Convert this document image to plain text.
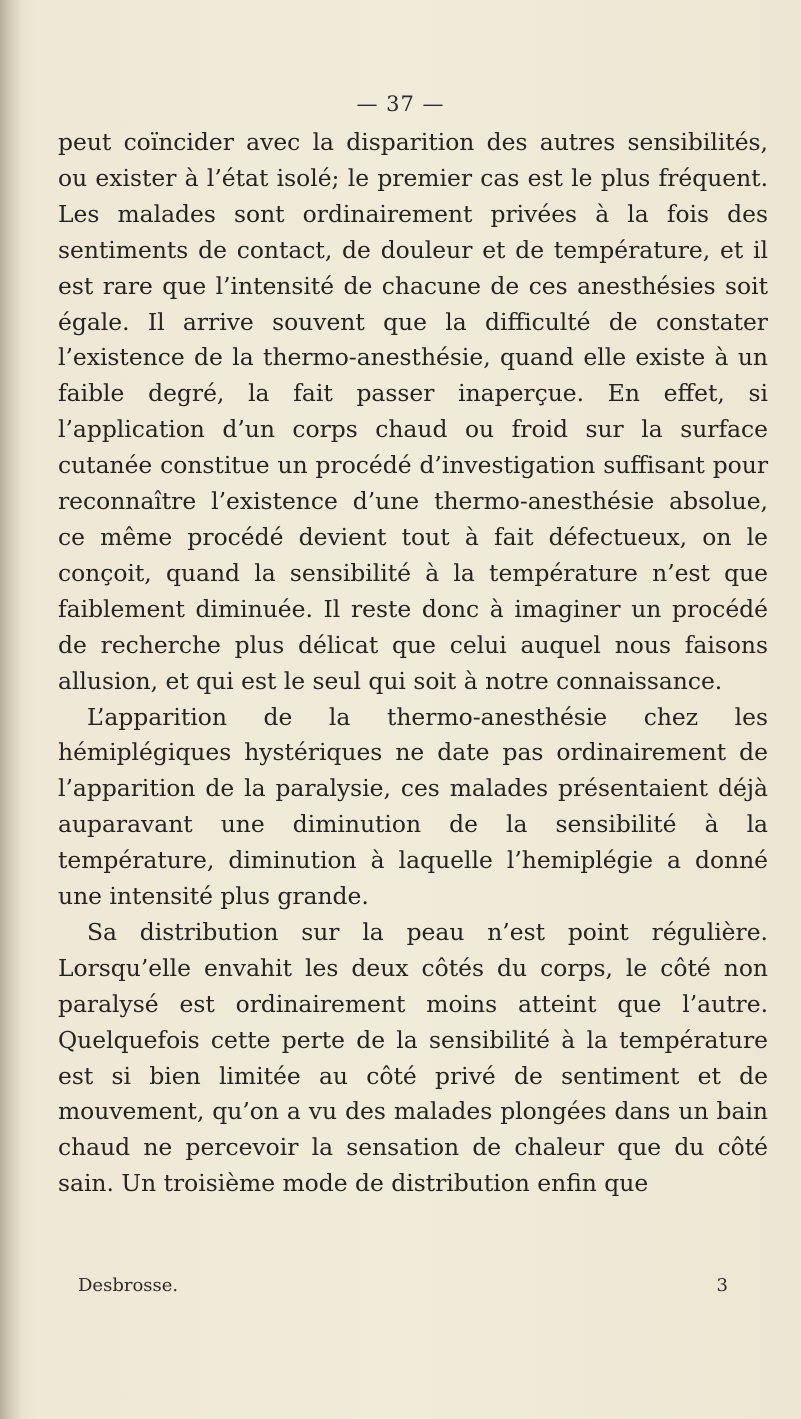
— 37 —

peut coïncider avec la disparition des autres sensibilités, ou exister à l’état isolé; le premier cas est le plus fréquent. Les malades sont ordinairement privées à la fois des sentiments de contact, de douleur et de température, et il est rare que l’intensité de chacune de ces anesthésies soit égale. Il arrive souvent que la difficulté de constater l’existence de la thermo-anesthésie, quand elle existe à un faible degré, la fait passer inaperçue. En effet, si l’application d’un corps chaud ou froid sur la surface cutanée constitue un procédé d’investigation suffisant pour reconnaître l’existence d’une thermo-anesthésie absolue, ce même procédé devient tout à fait défectueux, on le conçoit, quand la sensibilité à la température n’est que faiblement diminuée. Il reste donc à imaginer un procédé de recherche plus délicat que celui auquel nous faisons allusion, et qui est le seul qui soit à notre connaissance.

L’apparition de la thermo-anesthésie chez les hémiplégiques hystériques ne date pas ordinairement de l’apparition de la paralysie, ces malades présentaient déjà auparavant une diminution de la sensibilité à la température, diminution à laquelle l’hemiplégie a donné une intensité plus grande.

Sa distribution sur la peau n’est point régulière. Lorsqu’elle envahit les deux côtés du corps, le côté non paralysé est ordinairement moins atteint que l’autre. Quelquefois cette perte de la sensibilité à la température est si bien limitée au côté privé de sentiment et de mouvement, qu’on a vu des malades plongées dans un bain chaud ne percevoir la sensation de chaleur que du côté sain. Un troisième mode de distribution enfin que

Desbrosse.	3
